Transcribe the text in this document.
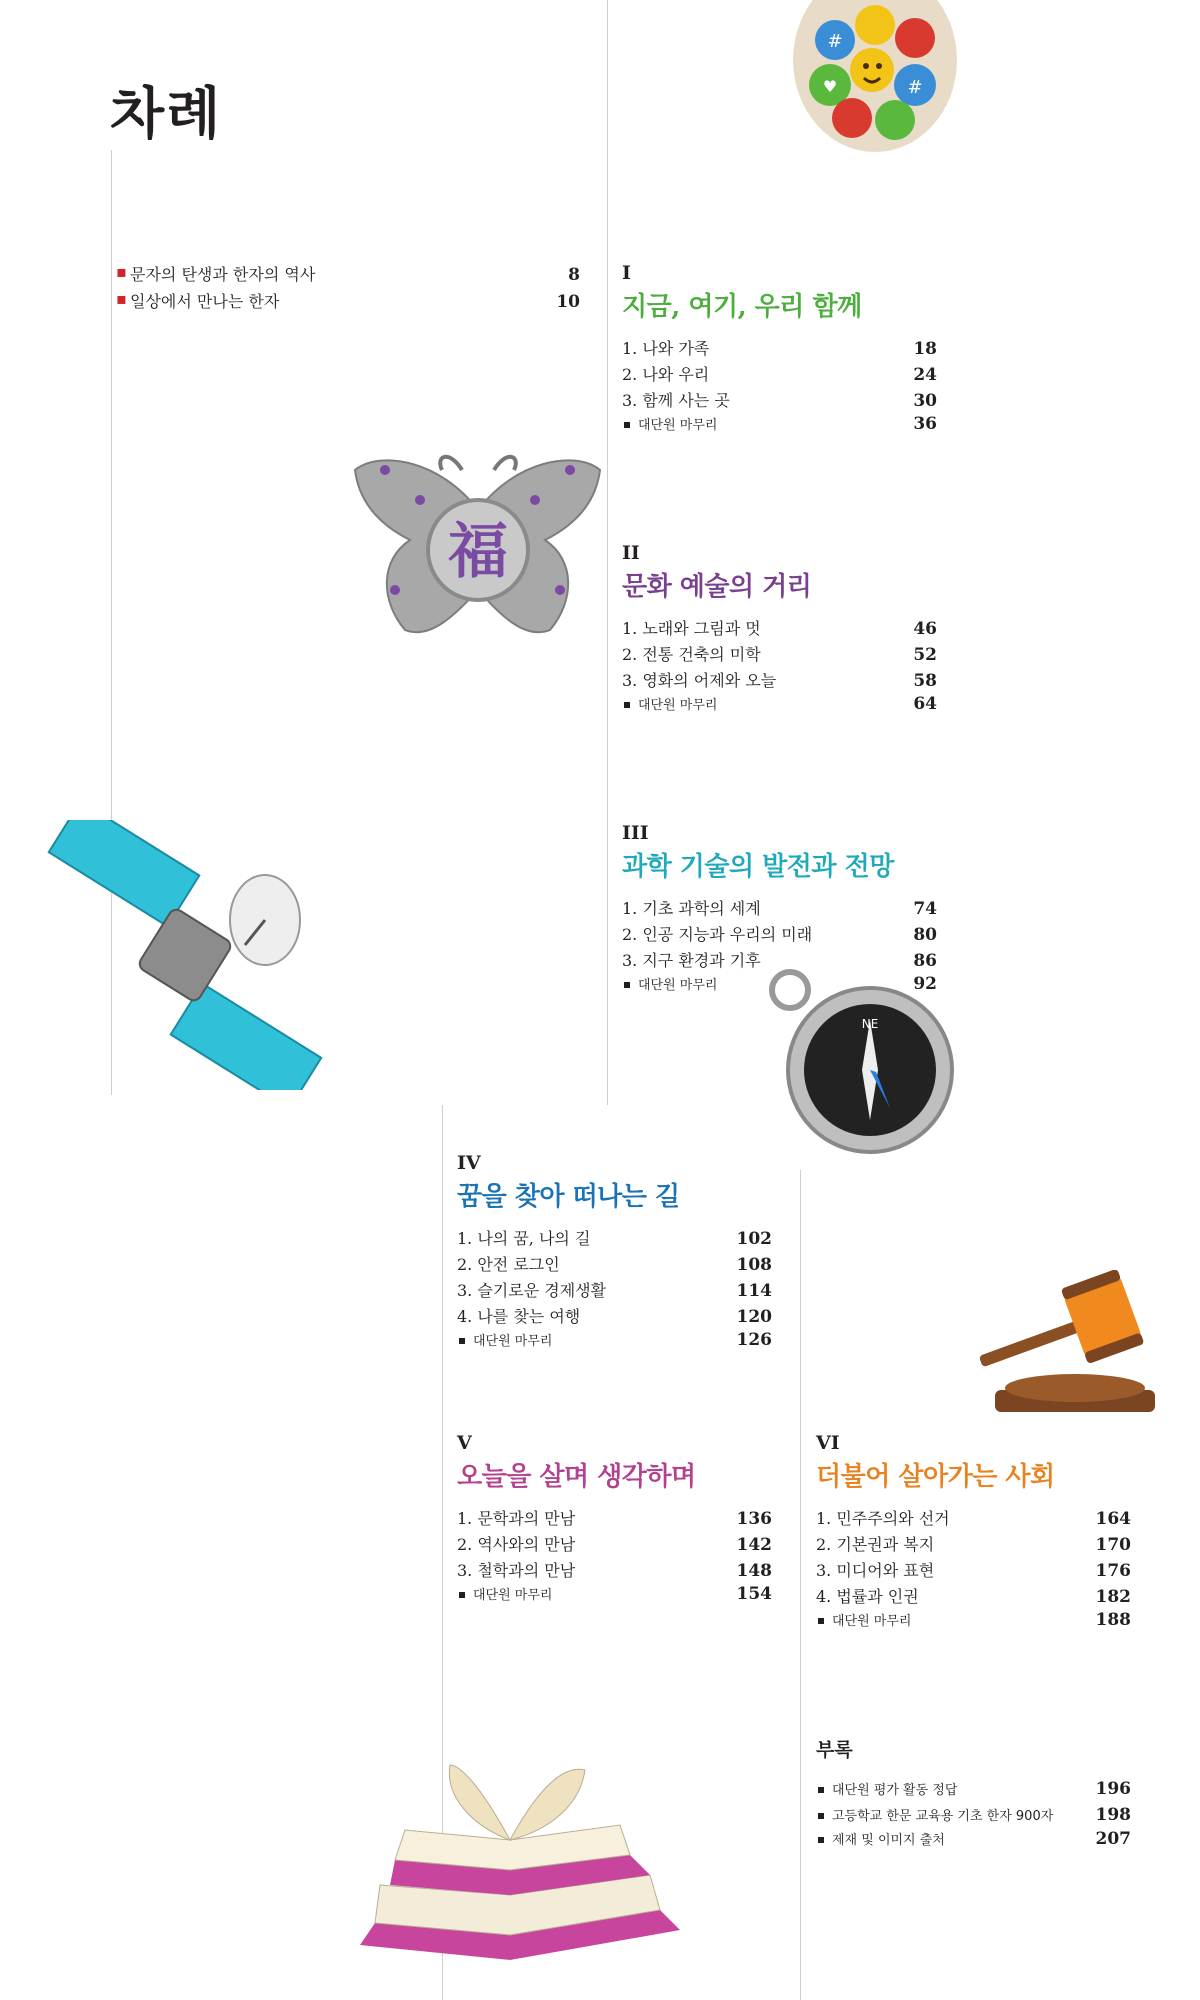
차례
▪ 문자의 탄생과 한자의 역사	8
▪ 일상에서 만나는 한자	10
I
지금, 여기, 우리 함께
1. 나와 가족	18
2. 나와 우리	24
3. 함께 사는 곳	30
대단원 마무리	36
II
문화 예술의 거리
1. 노래와 그림과 멋	46
2. 전통 건축의 미학	52
3. 영화의 어제와 오늘	58
대단원 마무리	64
III
과학 기술의 발전과 전망
1. 기초 과학의 세계	74
2. 인공 지능과 우리의 미래	80
3. 지구 환경과 기후	86
대단원 마무리	92
IV
꿈을 찾아 떠나는 길
1. 나의 꿈, 나의 길	102
2. 안전 로그인	108
3. 슬기로운 경제생활	114
4. 나를 찾는 여행	120
대단원 마무리	126
V
오늘을 살며 생각하며
1. 문학과의 만남	136
2. 역사와의 만남	142
3. 철학과의 만남	148
대단원 마무리	154
VI
더불어 살아가는 사회
1. 민주주의와 선거	164
2. 기본권과 복지	170
3. 미디어와 표현	176
4. 법률과 인권	182
대단원 마무리	188
부록
대단원 평가 활동 정답	196
고등학교 한문 교육용 기초 한자 900자 198
제재 및 이미지 출처	207
#
#
♥
福
NE
